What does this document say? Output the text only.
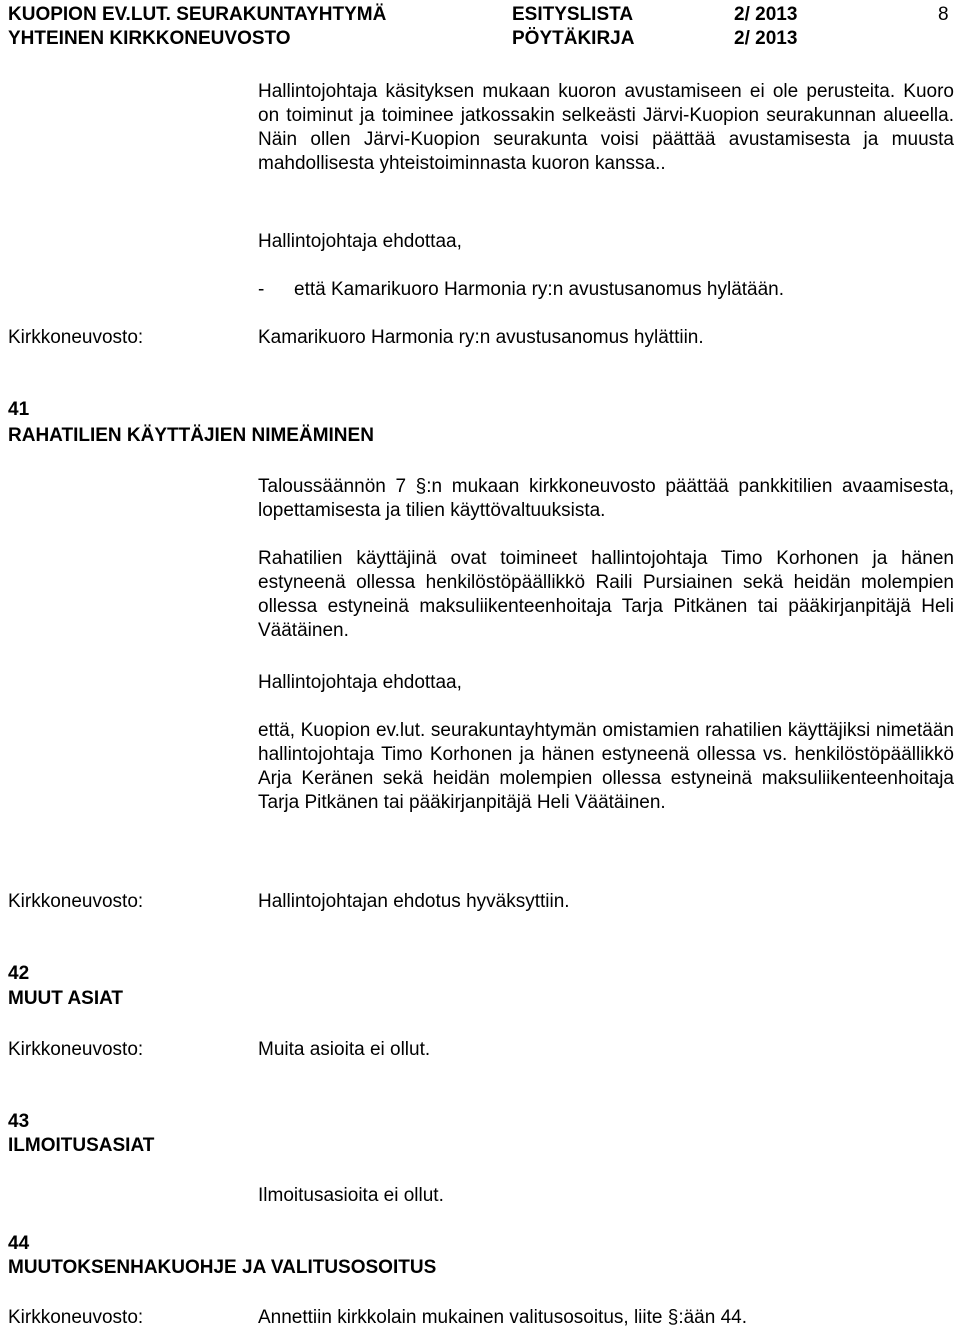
KUOPION EV.LUT. SEURAKUNTAYHTYMÄ
YHTEINEN KIRKKONEUVOSTO
ESITYSLISTA
PÖYTÄKIRJA
2/ 2013
2/ 2013
8
Hallintojohtaja käsityksen mukaan kuoron avustamiseen ei ole perusteita. Kuoro on toiminut ja toiminee jatkossakin selkeästi Järvi-Kuopion seurakunnan alueella. Näin ollen Järvi-Kuopion seurakunta voisi päättää avustamisesta ja muusta mahdollisesta yhteistoiminnasta kuoron kanssa..
Hallintojohtaja ehdottaa,
- että Kamarikuoro Harmonia ry:n avustusanomus hylätään.
Kirkkoneuvosto:	Kamarikuoro Harmonia ry:n avustusanomus hylättiin.
41
RAHATILIEN KÄYTTÄJIEN NIMEÄMINEN
Taloussäännön 7 §:n mukaan kirkkoneuvosto päättää pankkitilien avaamisesta, lopettamisesta ja tilien käyttövaltuuksista.
Rahatilien käyttäjinä ovat toimineet hallintojohtaja Timo Korhonen ja hänen estyneenä ollessa henkilöstöpäällikkö Raili Pursiainen sekä heidän molempien ollessa estyneinä maksuliikenteenhoitaja Tarja Pitkänen tai pääkirjanpitäjä Heli Väätäinen.
Hallintojohtaja ehdottaa,
että, Kuopion ev.lut. seurakuntayhtymän omistamien rahatilien käyttäjiksi nimetään hallintojohtaja Timo Korhonen ja hänen estyneenä ollessa vs. henkilöstöpäällikkö Arja Keränen sekä heidän molempien ollessa estyneinä maksuliikenteenhoitaja Tarja Pitkänen tai pääkirjanpitäjä Heli Väätäinen.
Kirkkoneuvosto:	Hallintojohtajan ehdotus hyväksyttiin.
42
MUUT ASIAT
Kirkkoneuvosto:	Muita asioita ei ollut.
43
ILMOITUSASIAT
Ilmoitusasioita ei ollut.
44
MUUTOKSENHAKUOHJE JA VALITUSOSOITUS
Kirkkoneuvosto:	Annettiin kirkkolain mukainen valitusosoitus, liite §:ään 44.
